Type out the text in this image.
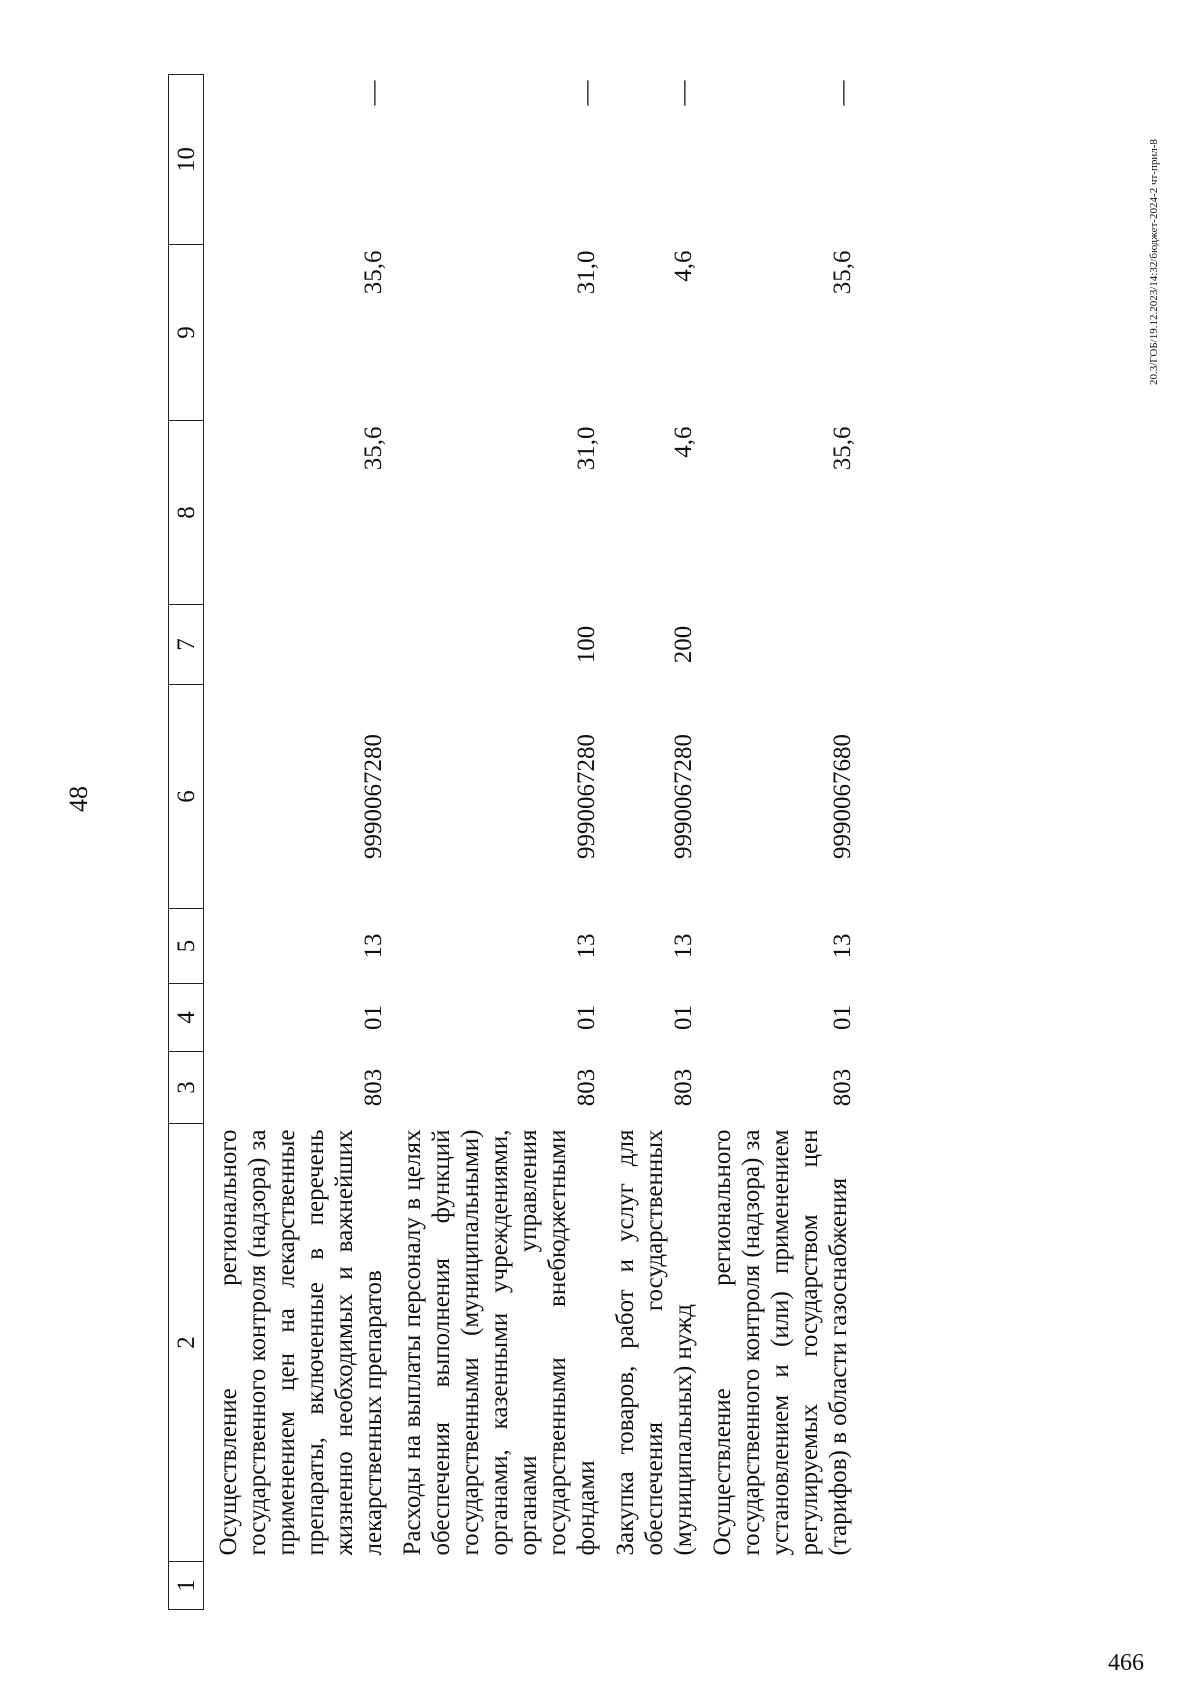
48
20.3/ГОБ/19.12.2023/14:32/бюджет-2024-2 чт-прил-8
466
1	2	3	4	5	6	7	8	9	10
	Осуществление регионального государственного контроля (надзора) за применением цен на лекарственные препараты, включенные в перечень жизненно необходимых и важнейших лекарственных препаратов	803	01	13	9990067280		35,6	35,6	—
	Расходы на выплаты персоналу в целях обеспечения выполнения функций государственными (муниципальными) органами, казенными учреждениями, органами управления государственными внебюджетными фондами	803	01	13	9990067280	100	31,0	31,0	—
	Закупка товаров, работ и услуг для обеспечения государственных (муниципальных) нужд	803	01	13	9990067280	200	4,6	4,6	—
	Осуществление регионального государственного контроля (надзора) за установлением и (или) применением регулируемых государством цен (тарифов) в области газоснабжения	803	01	13	9990067680		35,6	35,6	—
